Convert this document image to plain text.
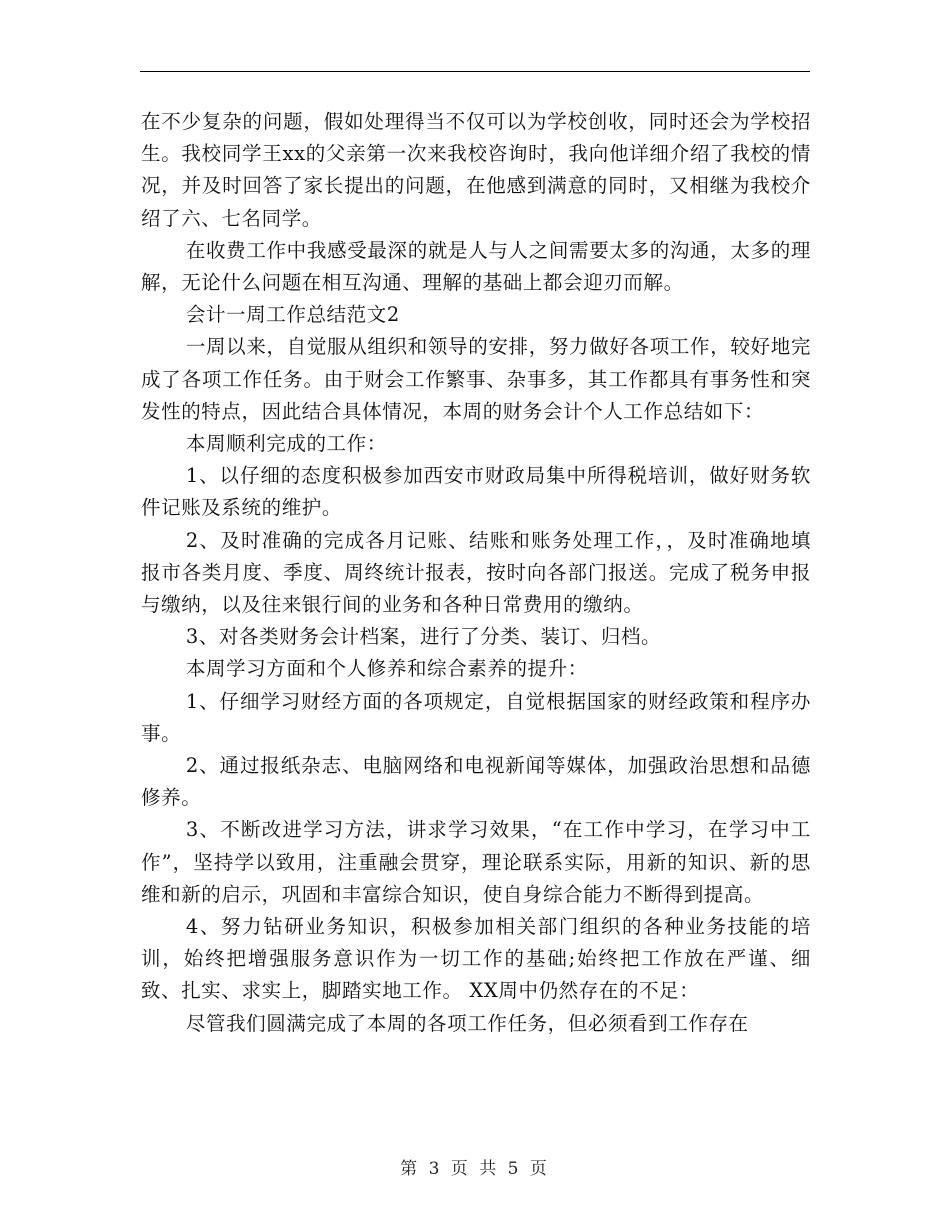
在不少复杂的问题，假如处理得当不仅可以为学校创收，同时还会为学校招生。我校同学王xx的父亲第一次来我校咨询时，我向他详细介绍了我校的情况，并及时回答了家长提出的问题，在他感到满意的同时，又相继为我校介绍了六、七名同学。

在收费工作中我感受最深的就是人与人之间需要太多的沟通，太多的理解，无论什么问题在相互沟通、理解的基础上都会迎刃而解。

会计一周工作总结范文2

一周以来，自觉服从组织和领导的安排，努力做好各项工作，较好地完成了各项工作任务。由于财会工作繁事、杂事多，其工作都具有事务性和突发性的特点，因此结合具体情况，本周的财务会计个人工作总结如下：

本周顺利完成的工作：

1、以仔细的态度积极参加西安市财政局集中所得税培训，做好财务软件记账及系统的维护。

2、及时准确的完成各月记账、结账和账务处理工作，，及时准确地填报市各类月度、季度、周终统计报表，按时向各部门报送。完成了税务申报与缴纳，以及往来银行间的业务和各种日常费用的缴纳。

3、对各类财务会计档案，进行了分类、装订、归档。

本周学习方面和个人修养和综合素养的提升：

1、仔细学习财经方面的各项规定，自觉根据国家的财经政策和程序办事。

2、通过报纸杂志、电脑网络和电视新闻等媒体，加强政治思想和品德修养。

3、不断改进学习方法，讲求学习效果，“在工作中学习，在学习中工作”，坚持学以致用，注重融会贯穿，理论联系实际，用新的知识、新的思维和新的启示，巩固和丰富综合知识，使自身综合能力不断得到提高。

4、努力钻研业务知识，积极参加相关部门组织的各种业务技能的培训，始终把增强服务意识作为一切工作的基础;始终把工作放在严谨、细致、扎实、求实上，脚踏实地工作。 XX周中仍然存在的不足：

尽管我们圆满完成了本周的各项工作任务，但必须看到工作存在

第 3 页 共 5 页
